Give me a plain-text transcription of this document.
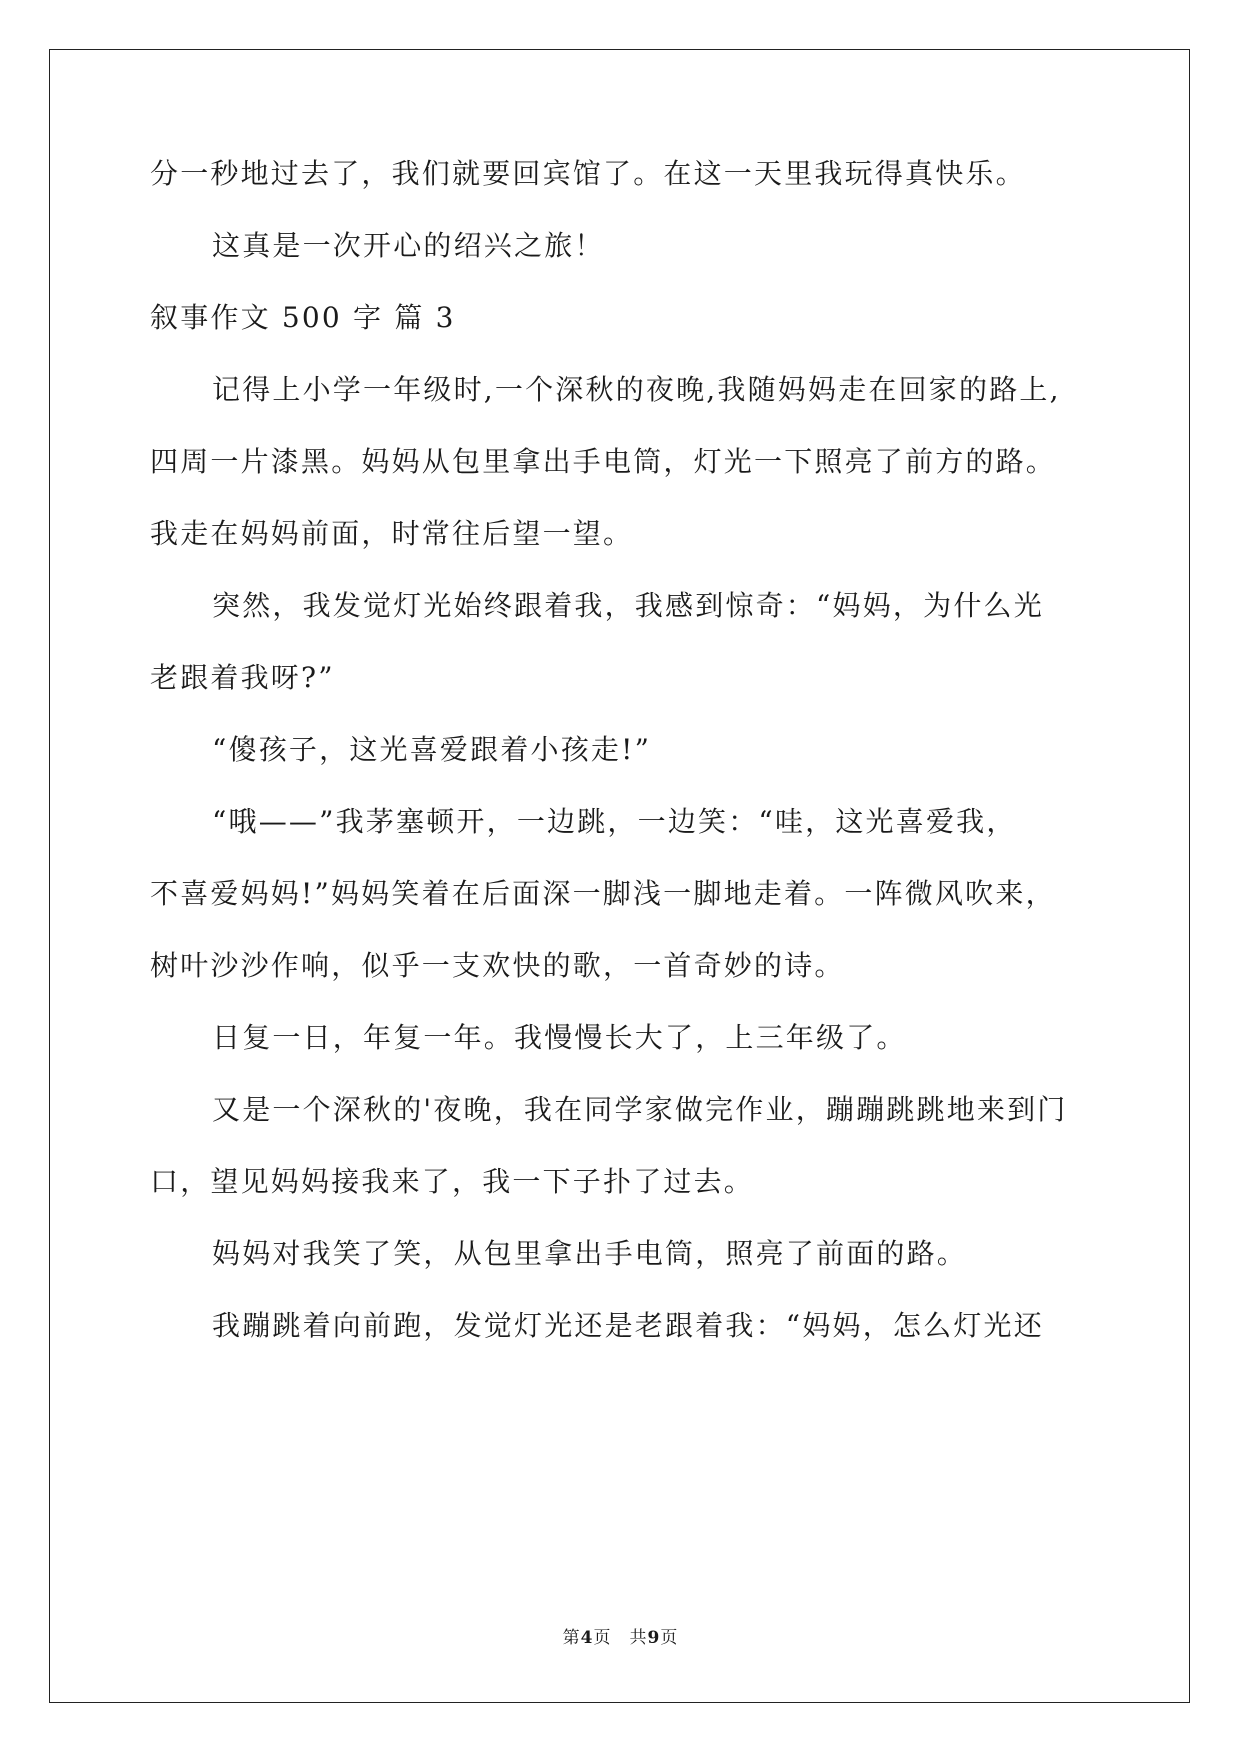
分一秒地过去了，我们就要回宾馆了。在这一天里我玩得真快乐。
这真是一次开心的绍兴之旅！
叙事作文 500 字 篇 3
记得上小学一年级时,一个深秋的夜晚,我随妈妈走在回家的路上,
四周一片漆黑。妈妈从包里拿出手电筒，灯光一下照亮了前方的路。
我走在妈妈前面，时常往后望一望。
突然，我发觉灯光始终跟着我，我感到惊奇：“妈妈，为什么光
老跟着我呀?”
“傻孩子，这光喜爱跟着小孩走!”
“哦——”我茅塞顿开，一边跳，一边笑：“哇，这光喜爱我，
不喜爱妈妈!”妈妈笑着在后面深一脚浅一脚地走着。一阵微风吹来，
树叶沙沙作响，似乎一支欢快的歌，一首奇妙的诗。
日复一日，年复一年。我慢慢长大了，上三年级了。
又是一个深秋的'夜晚，我在同学家做完作业，蹦蹦跳跳地来到门
口，望见妈妈接我来了，我一下子扑了过去。
妈妈对我笑了笑，从包里拿出手电筒，照亮了前面的路。
我蹦跳着向前跑，发觉灯光还是老跟着我：“妈妈，怎么灯光还
第4页　共9页
